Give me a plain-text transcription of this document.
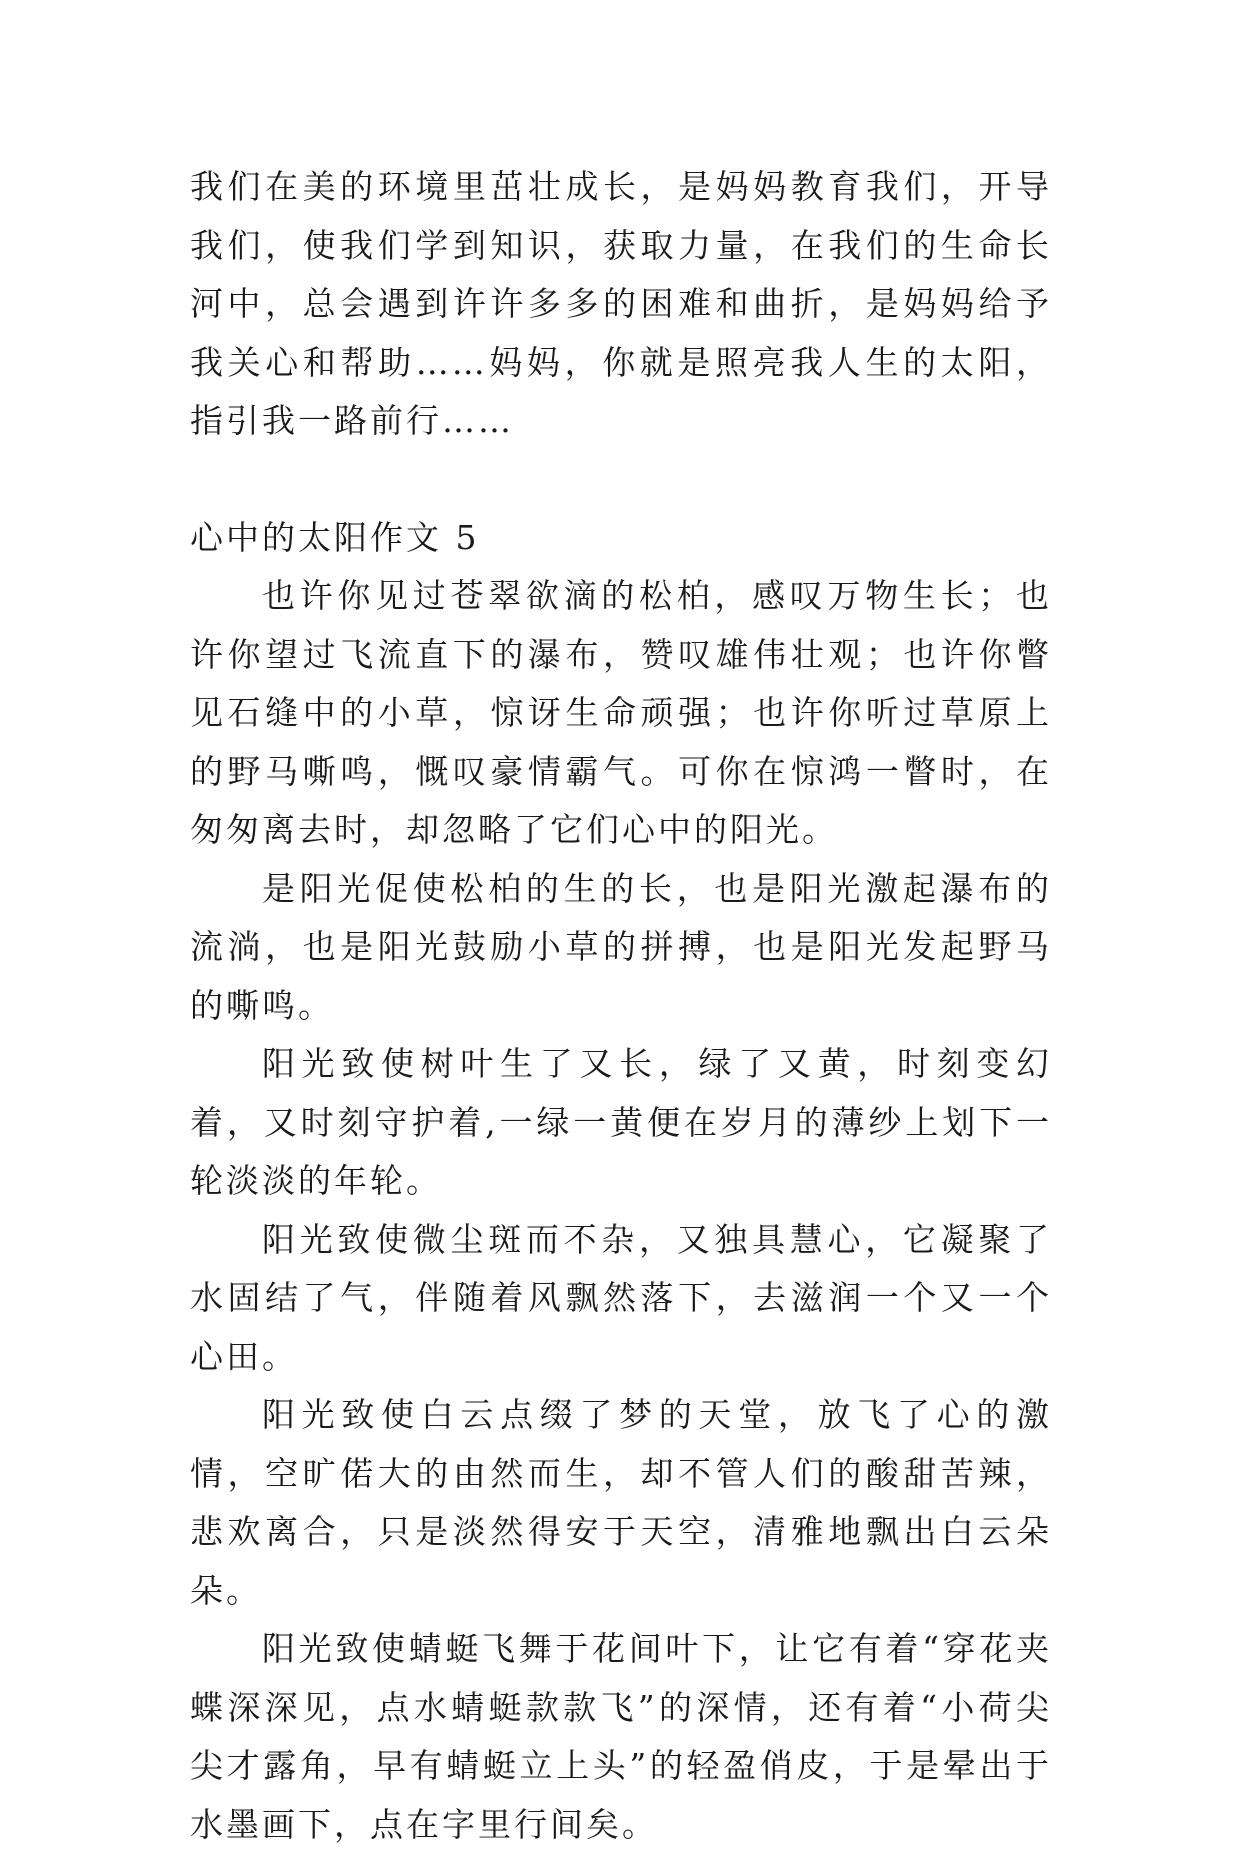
我们在美的环境里茁壮成长，是妈妈教育我们，开导我们，使我们学到知识，获取力量，在我们的生命长河中，总会遇到许许多多的困难和曲折，是妈妈给予我关心和帮助……妈妈，你就是照亮我人生的太阳，指引我一路前行……

心中的太阳作文 5

也许你见过苍翠欲滴的松柏，感叹万物生长；也许你望过飞流直下的瀑布，赞叹雄伟壮观；也许你瞥见石缝中的小草，惊讶生命顽强；也许你听过草原上的野马嘶鸣，慨叹豪情霸气。可你在惊鸿一瞥时，在匆匆离去时，却忽略了它们心中的阳光。

是阳光促使松柏的生的长，也是阳光激起瀑布的流淌，也是阳光鼓励小草的拼搏，也是阳光发起野马的嘶鸣。

阳光致使树叶生了又长，绿了又黄，时刻变幻着，又时刻守护着,一绿一黄便在岁月的薄纱上划下一轮淡淡的年轮。

阳光致使微尘斑而不杂，又独具慧心，它凝聚了水固结了气，伴随着风飘然落下，去滋润一个又一个心田。

阳光致使白云点缀了梦的天堂，放飞了心的激情，空旷偌大的由然而生，却不管人们的酸甜苦辣，悲欢离合，只是淡然得安于天空，清雅地飘出白云朵朵。

阳光致使蜻蜓飞舞于花间叶下，让它有着“穿花夹蝶深深见，点水蜻蜓款款飞”的深情，还有着“小荷尖尖才露角，早有蜻蜓立上头”的轻盈俏皮，于是晕出于水墨画下，点在字里行间矣。
